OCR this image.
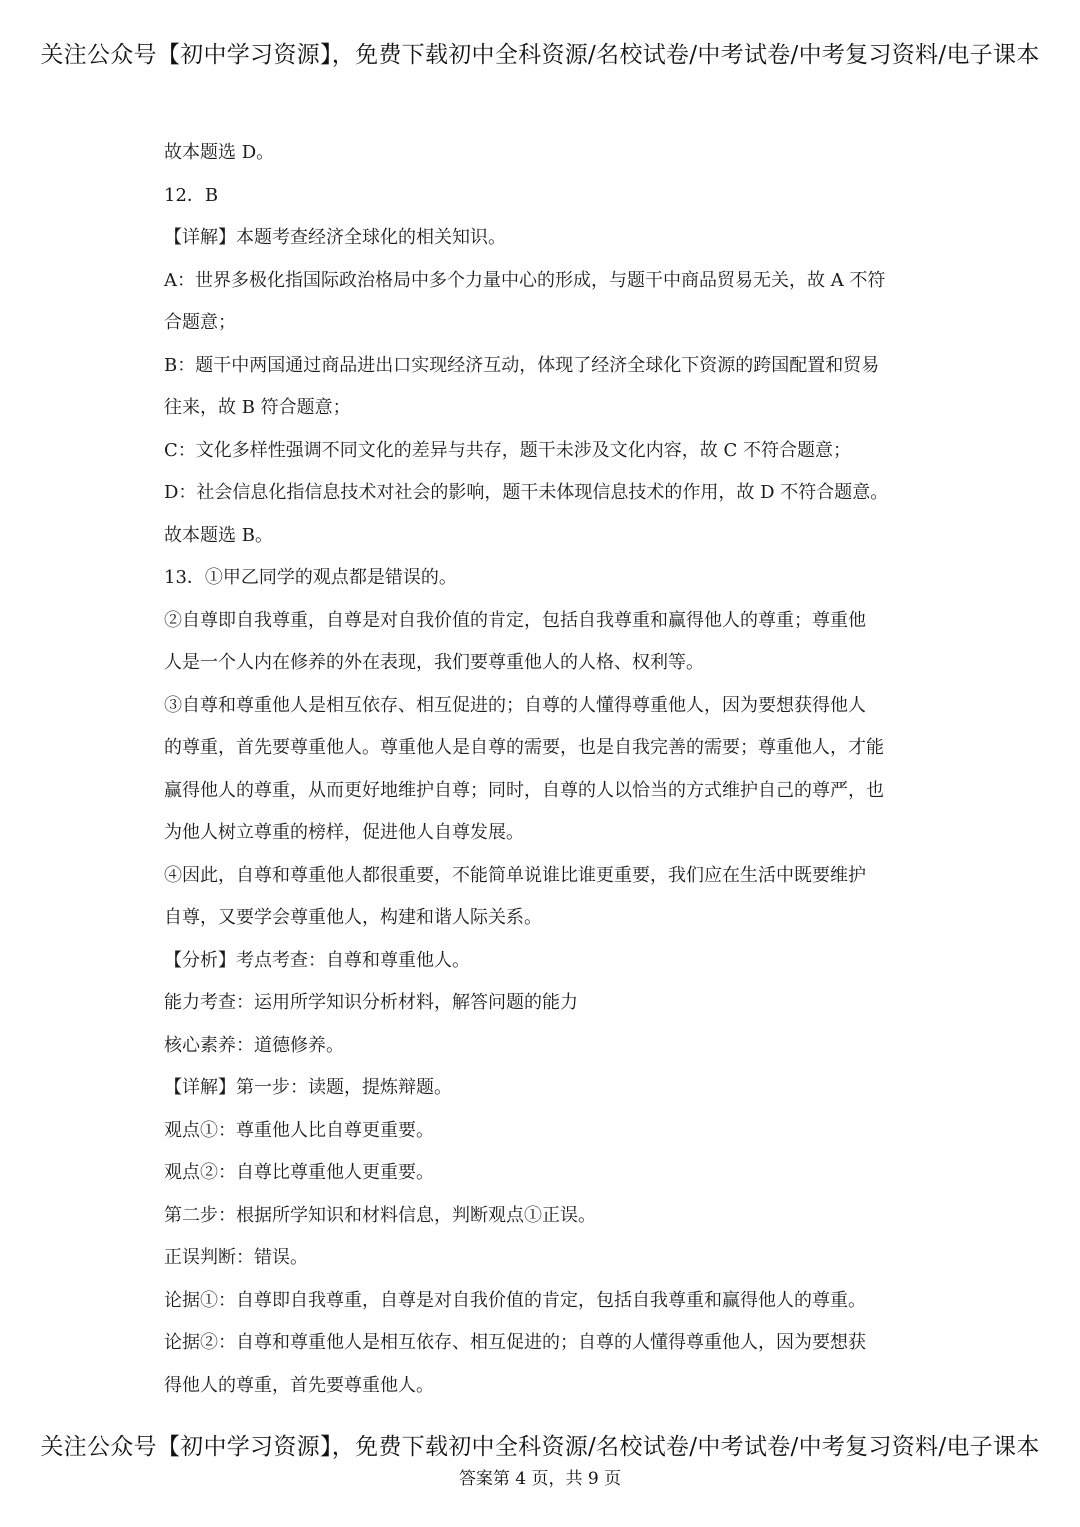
关注公众号【初中学习资源】，免费下载初中全科资源/名校试卷/中考试卷/中考复习资料/电子课本
故本题选 D。
12．B
【详解】本题考查经济全球化的相关知识。
A：世界多极化指国际政治格局中多个力量中心的形成，与题干中商品贸易无关，故 A 不符
合题意；
B：题干中两国通过商品进出口实现经济互动，体现了经济全球化下资源的跨国配置和贸易
往来，故 B 符合题意；
C：文化多样性强调不同文化的差异与共存，题干未涉及文化内容，故 C 不符合题意；
D：社会信息化指信息技术对社会的影响，题干未体现信息技术的作用，故 D 不符合题意。
故本题选 B。
13．①甲乙同学的观点都是错误的。
②自尊即自我尊重，自尊是对自我价值的肯定，包括自我尊重和赢得他人的尊重；尊重他
人是一个人内在修养的外在表现，我们要尊重他人的人格、权利等。
③自尊和尊重他人是相互依存、相互促进的；自尊的人懂得尊重他人，因为要想获得他人
的尊重，首先要尊重他人。尊重他人是自尊的需要，也是自我完善的需要；尊重他人，才能
赢得他人的尊重，从而更好地维护自尊；同时，自尊的人以恰当的方式维护自己的尊严，也
为他人树立尊重的榜样，促进他人自尊发展。
④因此，自尊和尊重他人都很重要，不能简单说谁比谁更重要，我们应在生活中既要维护
自尊，又要学会尊重他人，构建和谐人际关系。
【分析】考点考查：自尊和尊重他人。
能力考查：运用所学知识分析材料，解答问题的能力
核心素养：道德修养。
【详解】第一步：读题，提炼辩题。
观点①：尊重他人比自尊更重要。
观点②：自尊比尊重他人更重要。
第二步：根据所学知识和材料信息，判断观点①正误。
正误判断：错误。
论据①：自尊即自我尊重，自尊是对自我价值的肯定，包括自我尊重和赢得他人的尊重。
论据②：自尊和尊重他人是相互依存、相互促进的；自尊的人懂得尊重他人，因为要想获
得他人的尊重，首先要尊重他人。
关注公众号【初中学习资源】，免费下载初中全科资源/名校试卷/中考试卷/中考复习资料/电子课本
答案第 4 页，共 9 页
